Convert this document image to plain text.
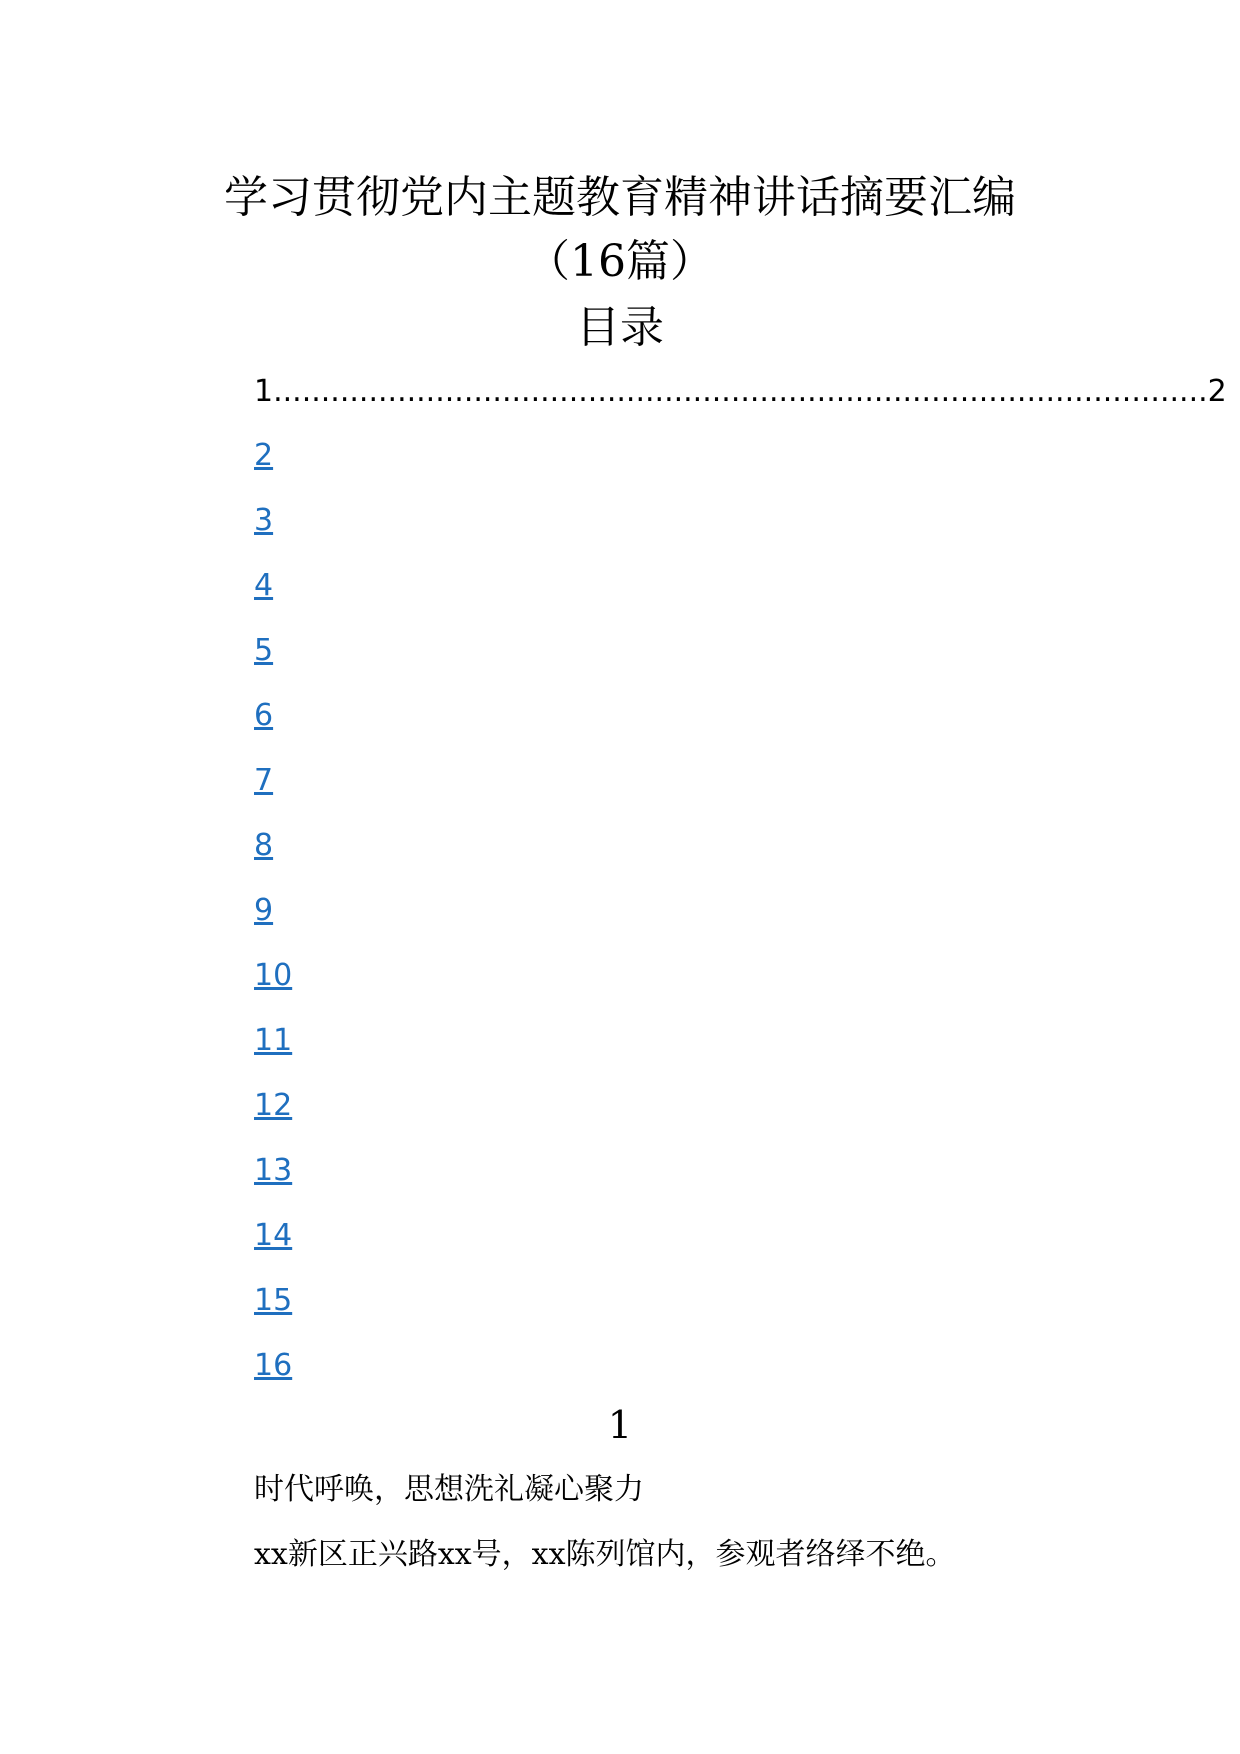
学习贯彻党内主题教育精神讲话摘要汇编
（16篇）
目录
1 .................................................................................................. 2
2
3
4
5
6
7
8
9
10
11
12
13
14
15
16
1
时代呼唤，思想洗礼凝心聚力
xx新区正兴路xx号，xx陈列馆内，参观者络绎不绝。
